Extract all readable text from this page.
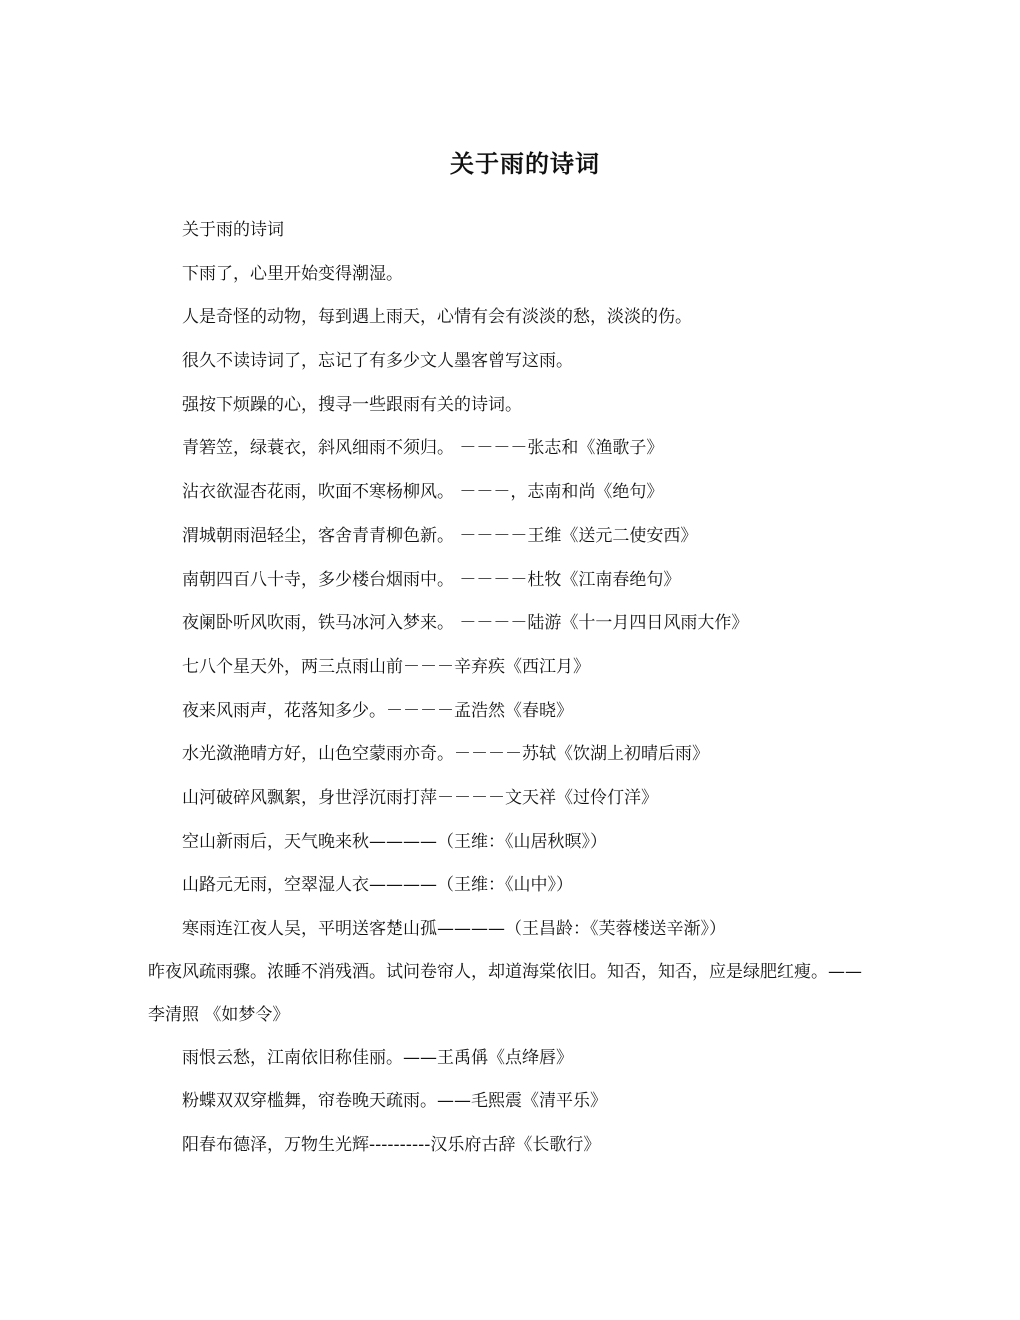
关于雨的诗词

关于雨的诗词

下雨了，心里开始变得潮湿。

人是奇怪的动物，每到遇上雨天，心情有会有淡淡的愁，淡淡的伤。

很久不读诗词了，忘记了有多少文人墨客曾写这雨。

强按下烦躁的心，搜寻一些跟雨有关的诗词。

青箬笠，绿蓑衣，斜风细雨不须归。 －－－－张志和《渔歌子》

沾衣欲湿杏花雨，吹面不寒杨柳风。 －－－，志南和尚《绝句》

渭城朝雨浥轻尘，客舍青青柳色新。 －－－－王维《送元二使安西》

南朝四百八十寺，多少楼台烟雨中。 －－－－杜牧《江南春绝句》

夜阑卧听风吹雨，铁马冰河入梦来。 －－－－陆游《十一月四日风雨大作》

七八个星天外，两三点雨山前－－－辛弃疾《西江月》

夜来风雨声，花落知多少。－－－－孟浩然《春晓》

水光潋滟晴方好，山色空蒙雨亦奇。－－－－苏轼《饮湖上初晴后雨》

山河破碎风飘絮，身世浮沉雨打萍－－－－文天祥《过伶仃洋》

空山新雨后，天气晚来秋————（王维：《山居秋暝》）

山路元无雨，空翠湿人衣————（王维：《山中》）

寒雨连江夜人吴，平明送客楚山孤————（王昌龄：《芙蓉楼送辛渐》）

昨夜风疏雨骤。浓睡不消残酒。试问卷帘人，却道海棠依旧。知否，知否，应是绿肥红瘦。——李清照 《如梦令》

雨恨云愁，江南依旧称佳丽。——王禹偁《点绛唇》

粉蝶双双穿槛舞，帘卷晚天疏雨。——毛熙震《清平乐》

阳春布德泽，万物生光辉----------汉乐府古辞《长歌行》
